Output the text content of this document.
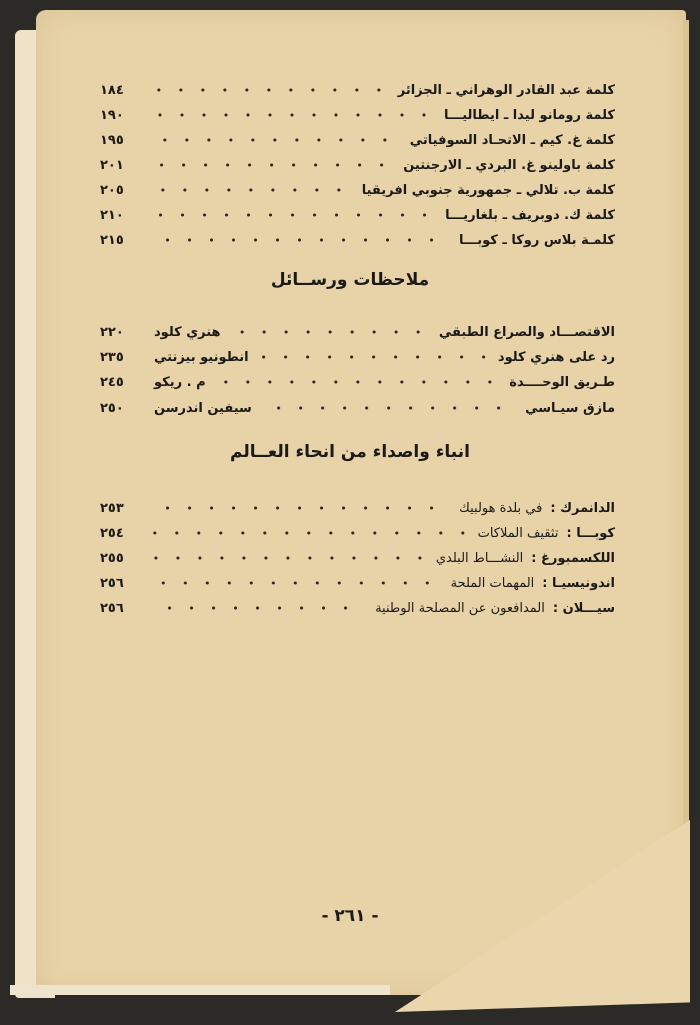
كلمة عبد القادر الوهراني ـ الجزائر
١٨٤
كلمة رومانو ليدا ـ ايطاليـــا
١٩٠
كلمة غ. كيم ـ الاتحـاد السوفياتي
١٩٥
كلمة باولينو غ. البردي ـ الارجنتين
٢٠١
كلمة ب. تلالي ـ جمهورية جنوبي افريقيا
٢٠٥
كلمة ك. دوبريف ـ بلغاريـــا
٢١٠
كلمـة بلاس روكا ـ كوبـــا
٢١٥
ملاحظات ورســائل
الاقتصـــاد والصراع الطبقي
هنري كلود
٢٢٠
رد على هنري كلود
انطونيو بيزنتي
٢٣٥
طـريق الوحــــدة
م . ريكو
٢٤٥
مازق سيـاسي
سيفين اندرسن
٢٥٠
انباء واصداء من انحاء العــالم
الدانمرك :
في بلدة هولبيك
٢٥٣
كوبـــا :
تثقيف الملاكات
٢٥٤
اللكسمبورغ :
النشـــاط البلدي
٢٥٥
اندونيسيـا :
المهمات الملحة
٢٥٦
سيـــلان :
المدافعون عن المصلحة الوطنية
٢٥٦
- ٢٦١ -
